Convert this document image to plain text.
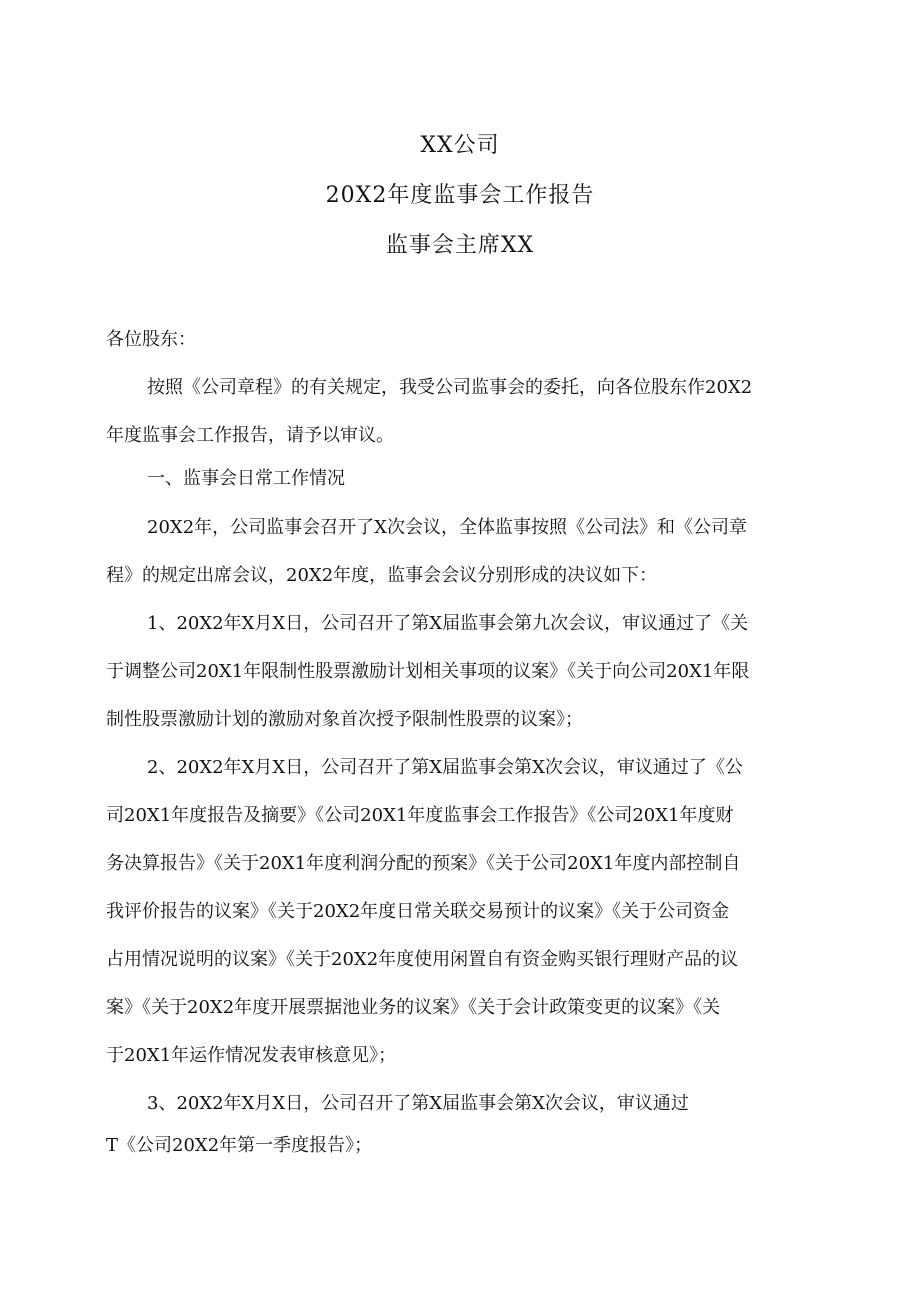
XX公司
20X2年度监事会工作报告
监事会主席XX
各位股东：
按照《公司章程》的有关规定，我受公司监事会的委托，向各位股东作20X2
年度监事会工作报告，请予以审议。
一、监事会日常工作情况
20X2年，公司监事会召开了X次会议，全体监事按照《公司法》和《公司章
程》的规定出席会议，20X2年度，监事会会议分别形成的决议如下：
1、20X2年X月X日，公司召开了第X届监事会第九次会议，审议通过了《关
于调整公司20X1年限制性股票激励计划相关事项的议案》《关于向公司20X1年限
制性股票激励计划的激励对象首次授予限制性股票的议案》；
2、20X2年X月X日，公司召开了第X届监事会第X次会议，审议通过了《公
司20X1年度报告及摘要》《公司20X1年度监事会工作报告》《公司20X1年度财
务决算报告》《关于20X1年度利润分配的预案》《关于公司20X1年度内部控制自
我评价报告的议案》《关于20X2年度日常关联交易预计的议案》《关于公司资金
占用情况说明的议案》《关于20X2年度使用闲置自有资金购买银行理财产品的议
案》《关于20X2年度开展票据池业务的议案》《关于会计政策变更的议案》《关
于20X1年运作情况发表审核意见》；
3、20X2年X月X日，公司召开了第X届监事会第X次会议，审议通过
T《公司20X2年第一季度报告》；
